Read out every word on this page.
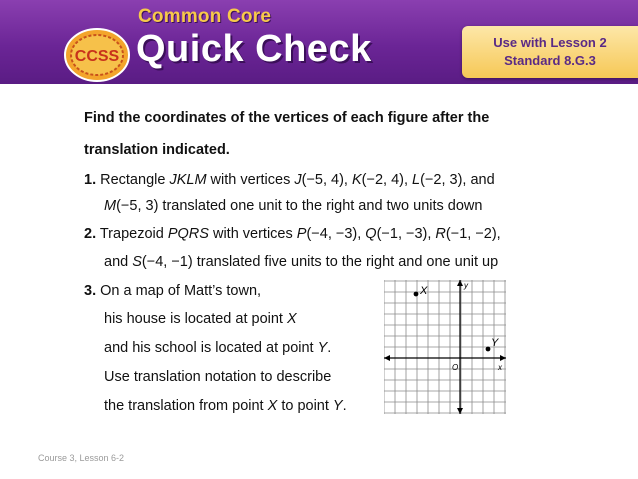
CCSS
Common Core
Quick Check	Use with Lesson 2
Standard 8.G.3
Find the coordinates of the vertices of each figure after the
translation indicated.
1. Rectangle JKLM with vertices J(−5, 4), K(−2, 4), L(−2, 3), and
M(−5, 3) translated one unit to the right and two units down
2. Trapezoid PQRS with vertices P(−4, −3), Q(−1, −3), R(−1, −2),
and S(−4, −1) translated five units to the right and one unit up
3. On a map of Matt’s town,
his house is located at point X
and his school is located at point Y.
Use translation notation to describe
the translation from point X to point Y.
X
Y
x
y
O
Course 3, Lesson 6-2
